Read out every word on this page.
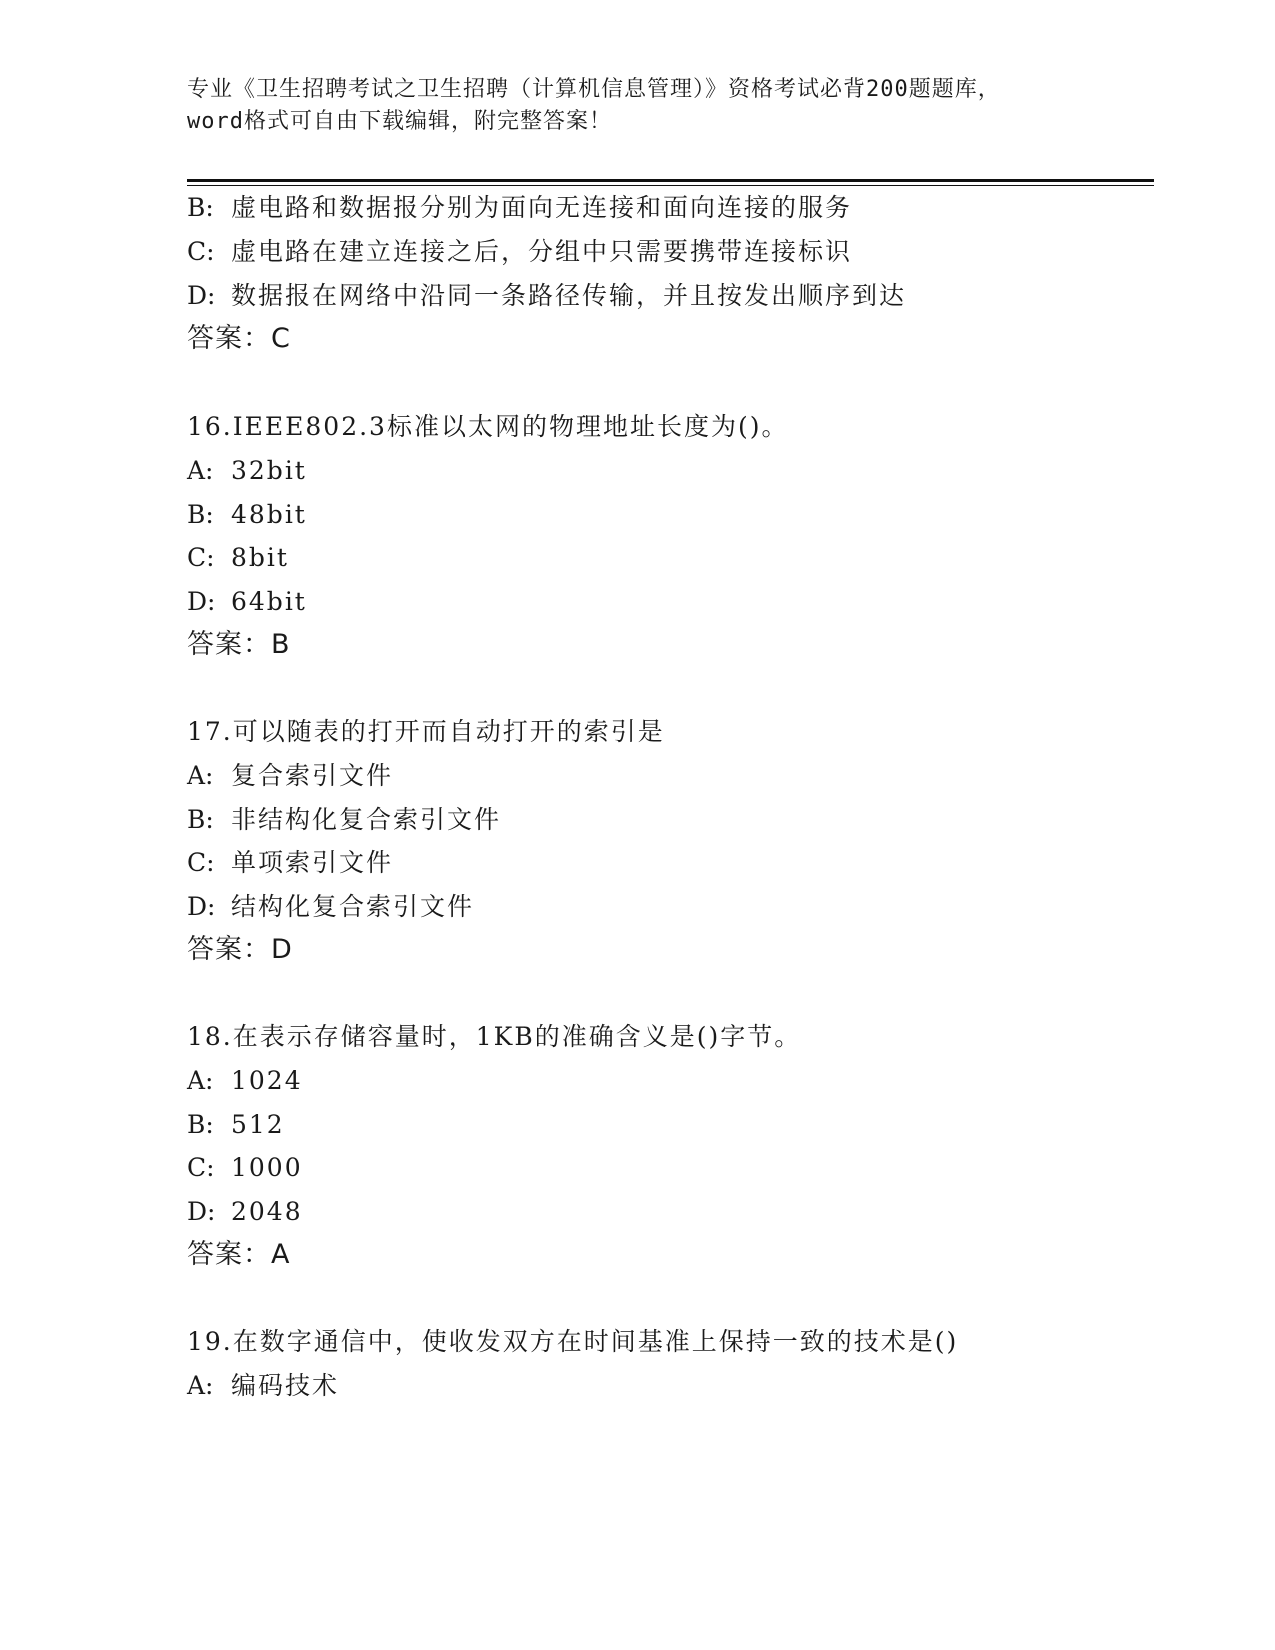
专业《卫生招聘考试之卫生招聘（计算机信息管理）》资格考试必背200题题库，
word格式可自由下载编辑，附完整答案！
B: 虚电路和数据报分别为面向无连接和面向连接的服务
C: 虚电路在建立连接之后，分组中只需要携带连接标识
D: 数据报在网络中沿同一条路径传输，并且按发出顺序到达
答案：C
16.IEEE802.3标准以太网的物理地址长度为()。
A: 32bit
B: 48bit
C: 8bit
D: 64bit
答案：B
17.可以随表的打开而自动打开的索引是
A: 复合索引文件
B: 非结构化复合索引文件
C: 单项索引文件
D: 结构化复合索引文件
答案：D
18.在表示存储容量时，1KB的准确含义是()字节。
A: 1024
B: 512
C: 1000
D: 2048
答案：A
19.在数字通信中，使收发双方在时间基准上保持一致的技术是()
A: 编码技术
